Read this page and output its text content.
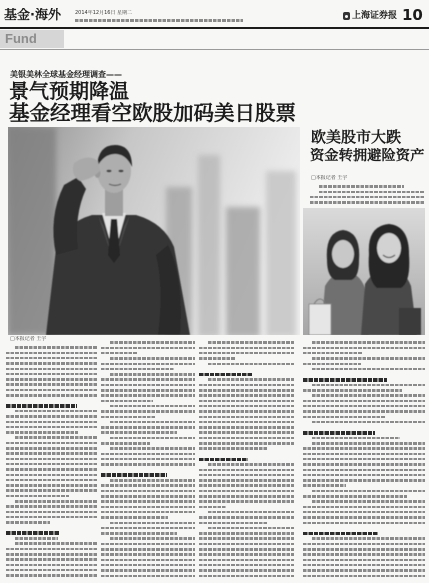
基金·海外	2014年12月16日 星期二	上海证券报 10
Fund
美银美林全球基金经理调查——
景气预期降温
基金经理看空欧股加码美日股票
□本报记者 王宇
欧美股市大跌
资金转拥避险资产
□本报记者 王宇
